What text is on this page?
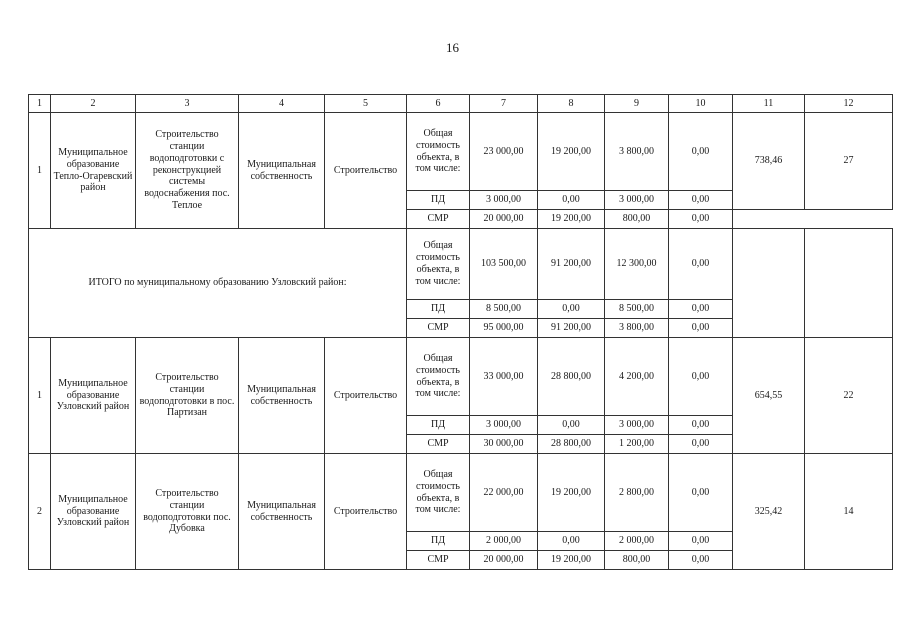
16
1	2	3	4	5	6	7	8	9	10	11	12
1	Муниципальное образование Тепло-Огаревский район	Строительство станции водоподготовки с реконструкцией системы водоснабжения пос. Теплое	Муниципальная собственность	Строительство	Общая стоимость объекта, в том числе:	23 000,00	19 200,00	3 800,00	0,00	738,46	27
					ПД	3 000,00	0,00	3 000,00	0,00		
					СМР	20 000,00	19 200,00	800,00	0,00		
ИТОГО по муниципальному образованию Узловский район:					Общая стоимость объекта, в том числе:	103 500,00	91 200,00	12 300,00	0,00		
					ПД	8 500,00	0,00	8 500,00	0,00		
					СМР	95 000,00	91 200,00	3 800,00	0,00		
1	Муниципальное образование Узловский район	Строительство станции водоподготовки в пос. Партизан	Муниципальная собственность	Строительство	Общая стоимость объекта, в том числе:	33 000,00	28 800,00	4 200,00	0,00	654,55	22
					ПД	3 000,00	0,00	3 000,00	0,00		
					СМР	30 000,00	28 800,00	1 200,00	0,00		
2	Муниципальное образование Узловский район	Строительство станции водоподготовки пос. Дубовка	Муниципальная собственность	Строительство	Общая стоимость объекта, в том числе:	22 000,00	19 200,00	2 800,00	0,00	325,42	14
					ПД	2 000,00	0,00	2 000,00	0,00		
					СМР	20 000,00	19 200,00	800,00	0,00		
